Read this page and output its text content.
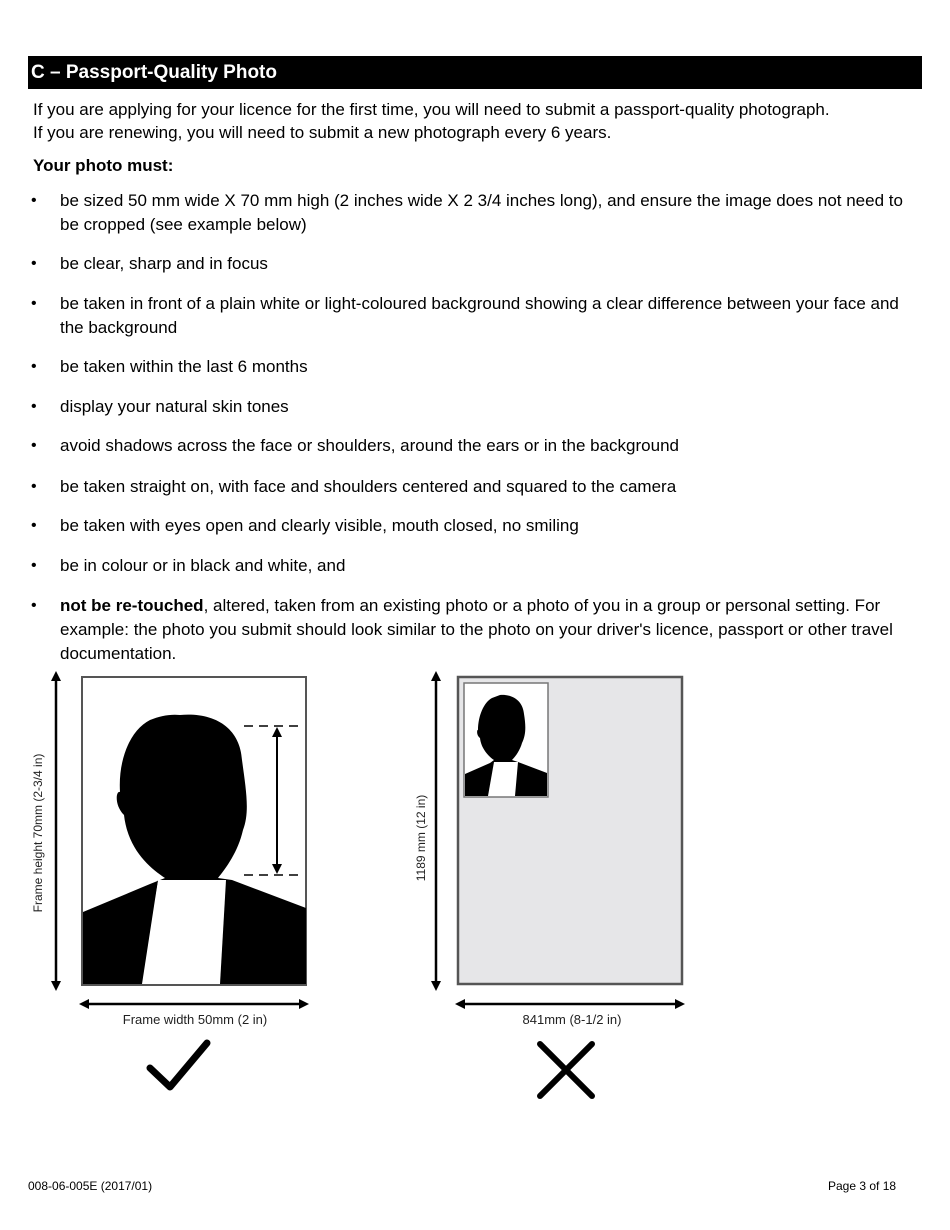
C – Passport-Quality Photo
If you are applying for your licence for the first time, you will need to submit a passport-quality photograph.
If you are renewing, you will need to submit a new photograph every 6 years.
Your photo must:
• be sized 50 mm wide X 70 mm high (2 inches wide X 2 3/4 inches long), and ensure the image does not need to be cropped (see example below)
• be clear, sharp and in focus
• be taken in front of a plain white or light-coloured background showing a clear difference between your face and the background
• be taken within the last 6 months
• display your natural skin tones
• avoid shadows across the face or shoulders, around the ears or in the background
• be taken straight on, with face and shoulders centered and squared to the camera
• be taken with eyes open and clearly visible, mouth closed, no smiling
• be in colour or in black and white, and
• not be re-touched, altered, taken from an existing photo or a photo of you in a group or personal setting. For example: the photo you submit should look similar to the photo on your driver's licence, passport or other travel documentation.
Frame height 70mm (2-3/4 in)
Frame width 50mm (2 in)
1189 mm (12 in)
841mm (8-1/2 in)
008-06-005E (2017/01)	Page 3 of 18
